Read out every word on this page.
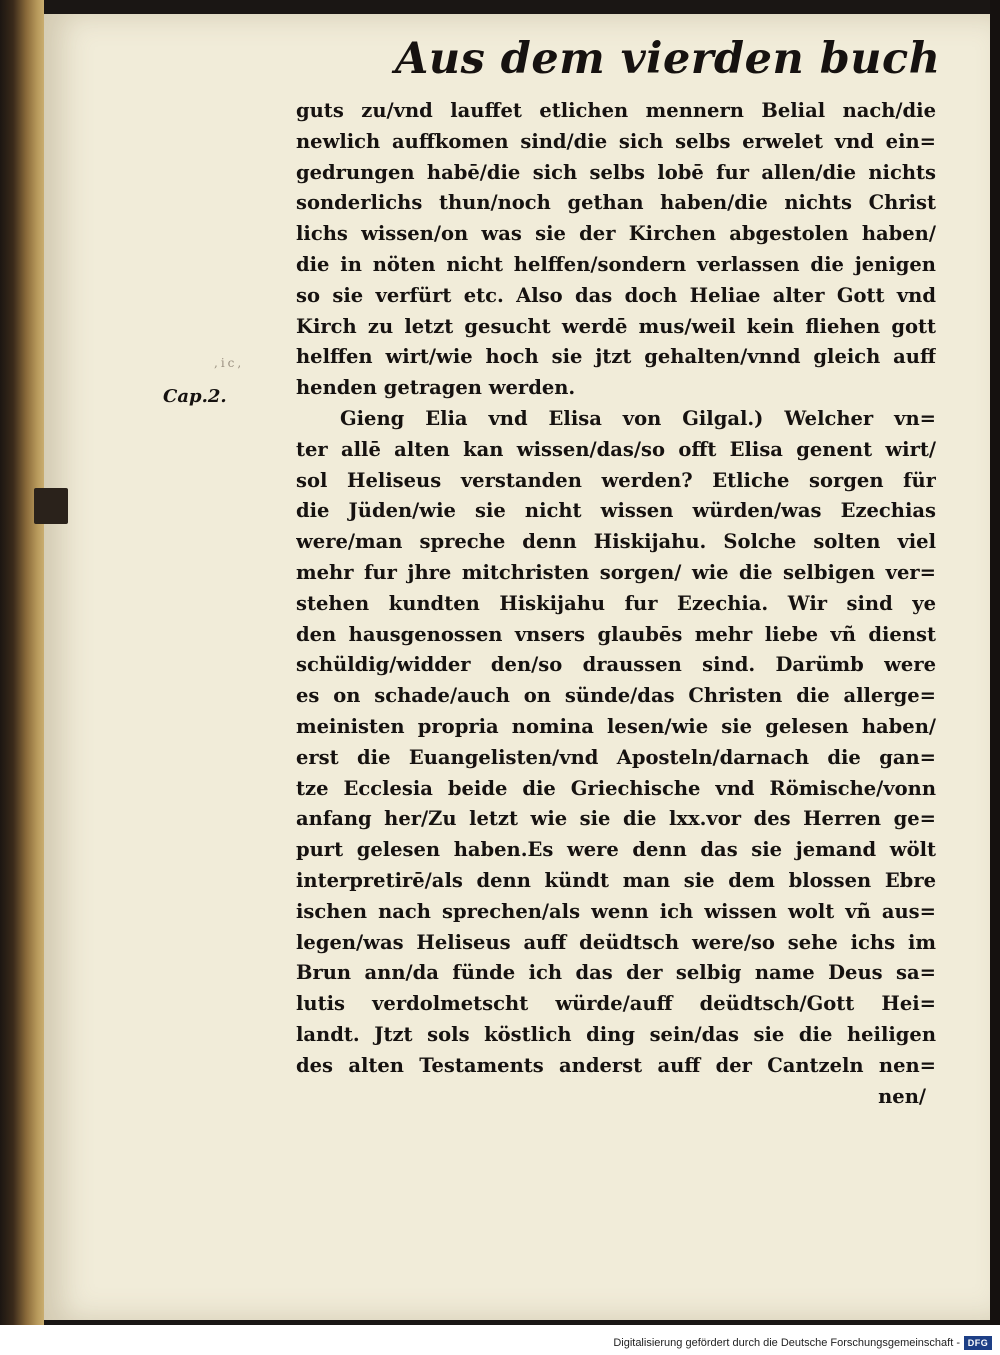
Aus dem vierden buch
,ic,
Cap.2.
guts zu/vnd lauffet etlichen mennern Belial nach/die
newlich auffkomen sind/die sich selbs erwelet vnd ein=
gedrungen habē/die sich selbs lobē fur allen/die nichts
sonderlichs thun/noch gethan haben/die nichts Christ
lichs wissen/on was sie der Kirchen abgestolen haben/
die in nöten nicht helffen/sondern verlassen die jenigen
so sie verfürt etc. Also das doch Heliae alter Gott vnd
Kirch zu letzt gesucht werdē mus/weil kein fliehen gott
helffen wirt/wie hoch sie jtzt gehalten/vnnd gleich auff
henden getragen werden.
Gieng Elia vnd Elisa von Gilgal.) Welcher vn=
ter allē alten kan wissen/das/so offt Elisa genent wirt/
sol Heliseus verstanden werden? Etliche sorgen für
die Jüden/wie sie nicht wissen würden/was Ezechias
were/man spreche denn Hiskijahu. Solche solten viel
mehr fur jhre mitchristen sorgen/ wie die selbigen ver=
stehen kundten Hiskijahu fur Ezechia. Wir sind ye
den hausgenossen vnsers glaubēs mehr liebe vñ dienst
schüldig/widder den/so draussen sind. Darümb were
es on schade/auch on sünde/das Christen die allerge=
meinisten propria nomina lesen/wie sie gelesen haben/
erst die Euangelisten/vnd Aposteln/darnach die gan=
tze Ecclesia beide die Griechische vnd Römische/vonn
anfang her/Zu letzt wie sie die lxx.vor des Herren ge=
purt gelesen haben.Es were denn das sie jemand wölt
interpretirē/als denn kündt man sie dem blossen Ebre
ischen nach sprechen/als wenn ich wissen wolt vñ aus=
legen/was Heliseus auff deüdtsch were/so sehe ichs im
Brun ann/da fünde ich das der selbig name Deus sa=
lutis verdolmetscht würde/auff deüdtsch/Gott Hei=
landt. Jtzt sols köstlich ding sein/das sie die heiligen
des alten Testaments anderst auff der Cantzeln nen=
nen/
Digitalisierung gefördert durch die Deutsche Forschungsgemeinschaft - DFG
